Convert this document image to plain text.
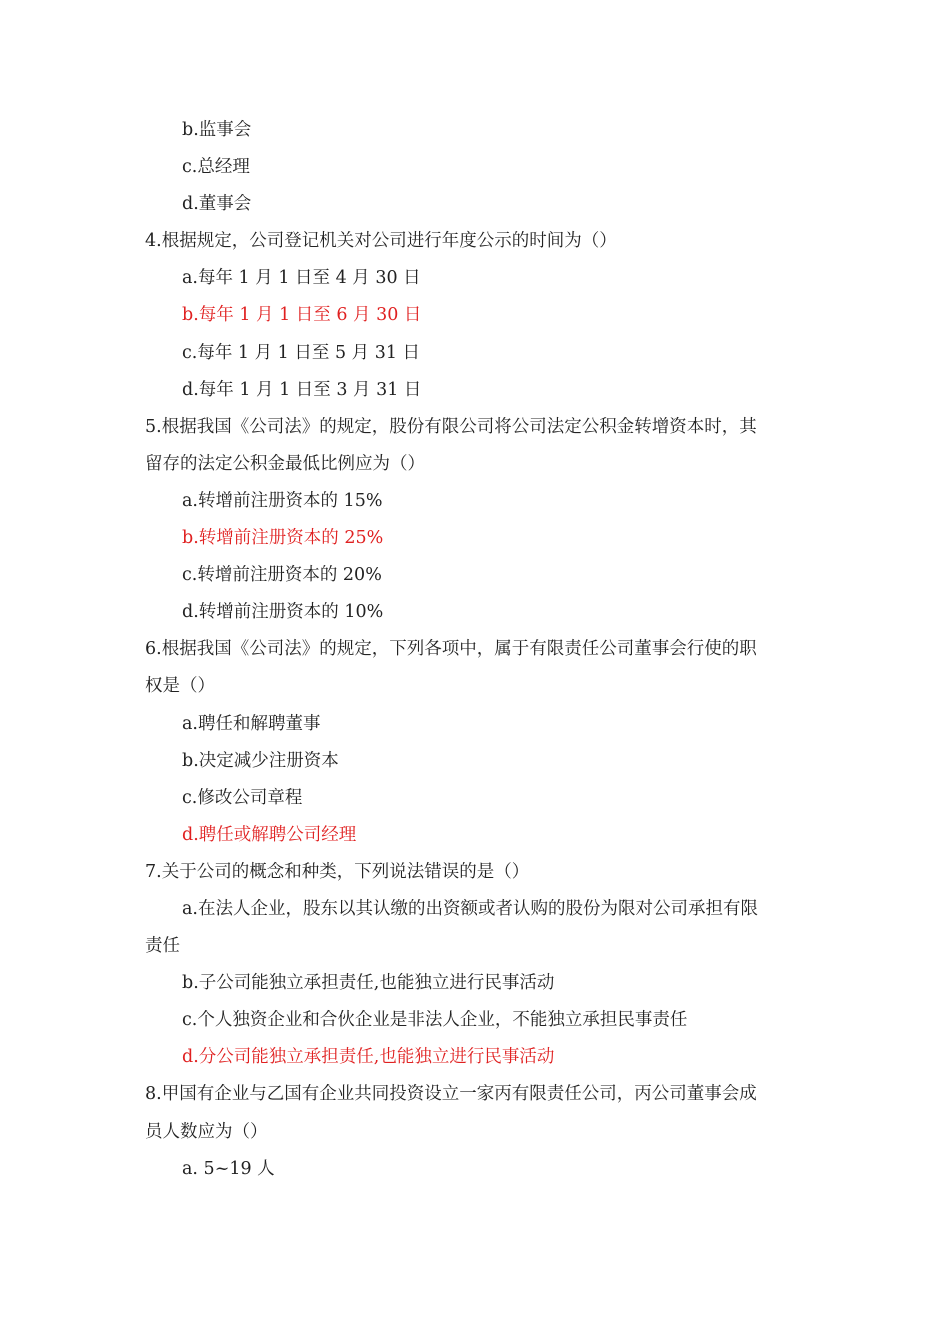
b.监事会
c.总经理
d.董事会
4.根据规定，公司登记机关对公司进行年度公示的时间为（）
a.每年 1 月 1 日至 4 月 30 日
b.每年 1 月 1 日至 6 月 30 日
c.每年 1 月 1 日至 5 月 31 日
d.每年 1 月 1 日至 3 月 31 日
5.根据我国《公司法》的规定，股份有限公司将公司法定公积金转增资本时，其
留存的法定公积金最低比例应为（）
a.转增前注册资本的 15%
b.转增前注册资本的 25%
c.转增前注册资本的 20%
d.转增前注册资本的 10%
6.根据我国《公司法》的规定，下列各项中，属于有限责任公司董事会行使的职
权是（）
a.聘任和解聘董事
b.决定减少注册资本
c.修改公司章程
d.聘任或解聘公司经理
7.关于公司的概念和种类，下列说法错误的是（）
a.在法人企业，股东以其认缴的出资额或者认购的股份为限对公司承担有限
责任
b.子公司能独立承担责任,也能独立进行民事活动
c.个人独资企业和合伙企业是非法人企业，不能独立承担民事责任
d.分公司能独立承担责任,也能独立进行民事活动
8.甲国有企业与乙国有企业共同投资设立一家丙有限责任公司，丙公司董事会成
员人数应为（）
a. 5~19 人
